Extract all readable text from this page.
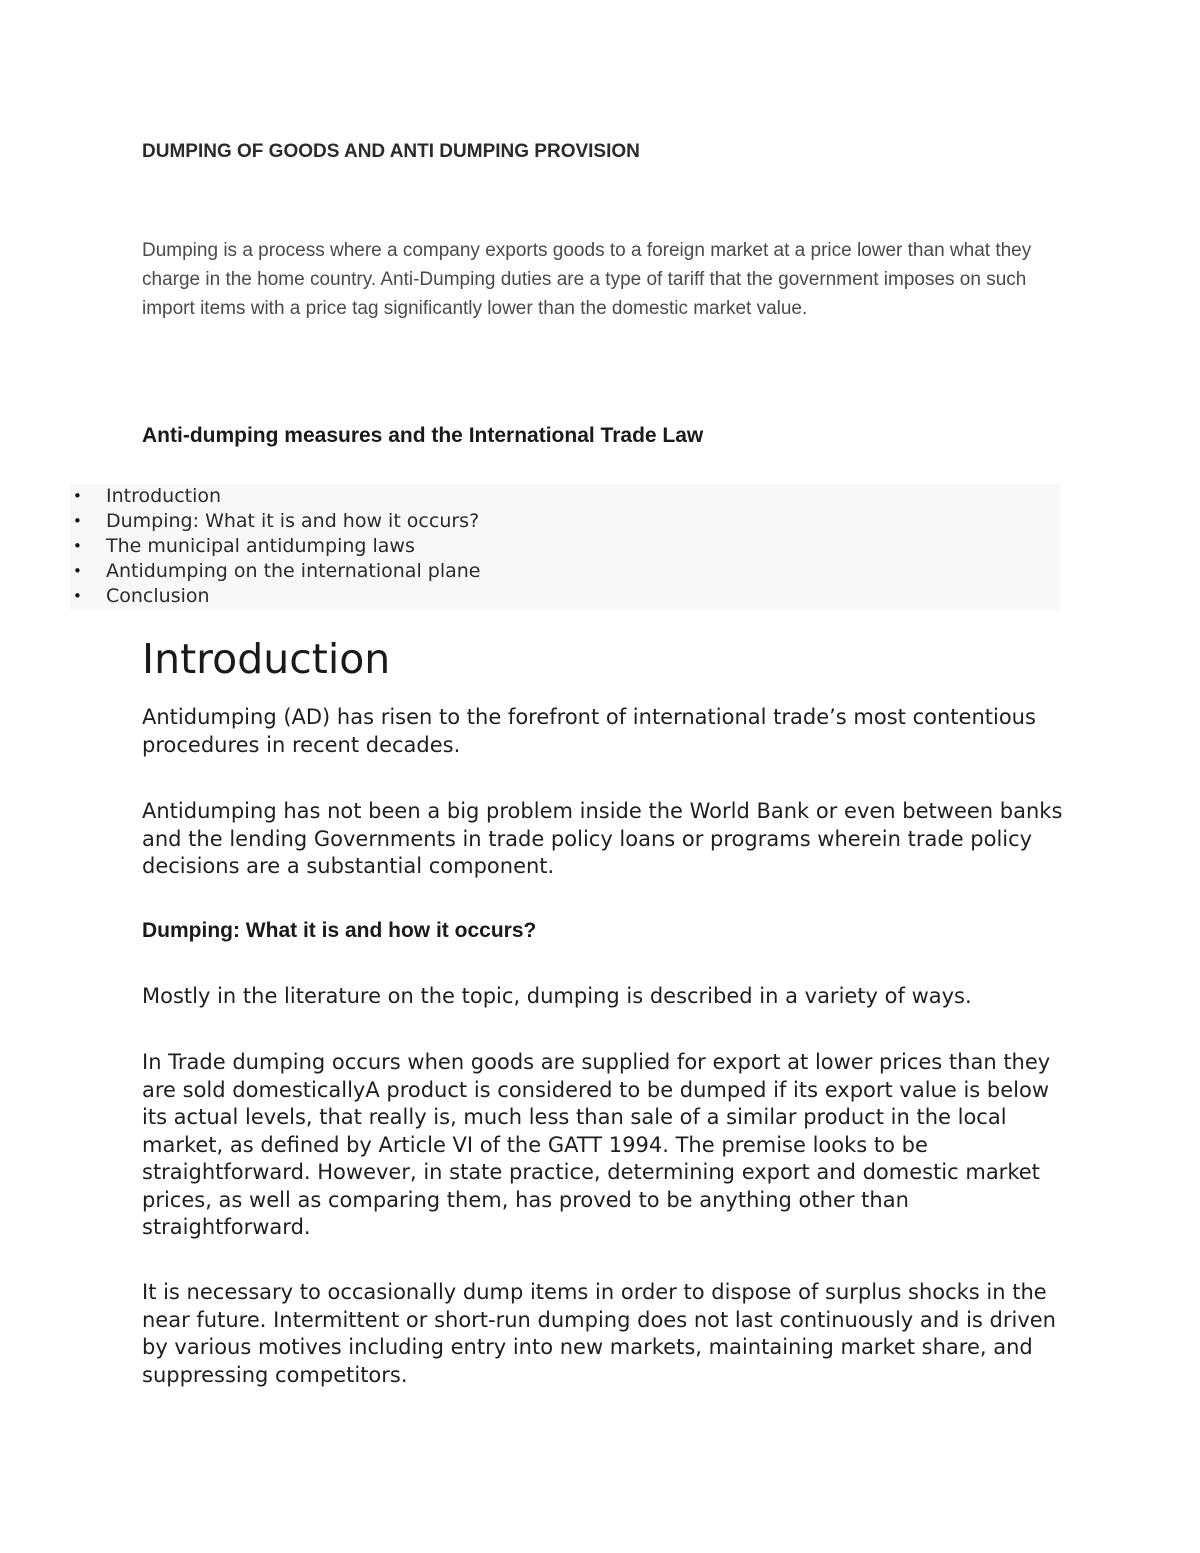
DUMPING OF GOODS AND ANTI DUMPING PROVISION

Dumping is a process where a company exports goods to a foreign market at a price lower than what they charge in the home country. Anti-Dumping duties are a type of tariff that the government imposes on such import items with a price tag significantly lower than the domestic market value.

Anti-dumping measures and the International Trade Law
• Introduction
• Dumping: What it is and how it occurs?
• The municipal antidumping laws
• Antidumping on the international plane
• Conclusion
Introduction

Antidumping (AD) has risen to the forefront of international trade’s most contentious procedures in recent decades.

Antidumping has not been a big problem inside the World Bank or even between banks and the lending Governments in trade policy loans or programs wherein trade policy decisions are a substantial component.

Dumping: What it is and how it occurs?

Mostly in the literature on the topic, dumping is described in a variety of ways.

In Trade dumping occurs when goods are supplied for export at lower prices than they are sold domesticallyA product is considered to be dumped if its export value is below its actual levels, that really is, much less than sale of a similar product in the local market, as defined by Article VI of the GATT 1994. The premise looks to be straightforward. However, in state practice, determining export and domestic market prices, as well as comparing them, has proved to be anything other than straightforward.

It is necessary to occasionally dump items in order to dispose of surplus shocks in the near future. Intermittent or short-run dumping does not last continuously and is driven by various motives including entry into new markets, maintaining market share, and suppressing competitors.
